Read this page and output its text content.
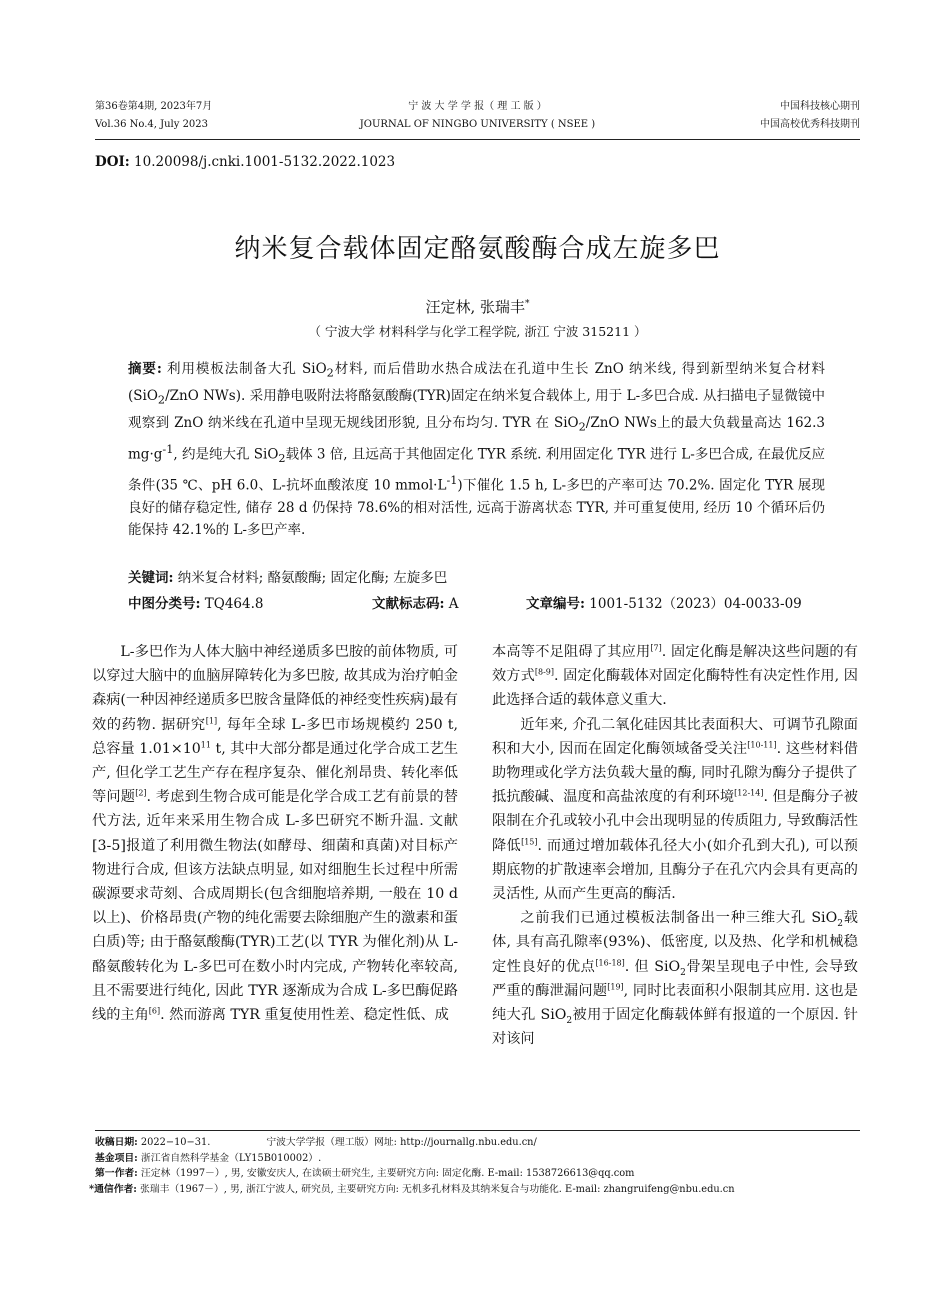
第36卷第4期, 2023年7月
Vol.36 No.4, July 2023
宁 波 大 学 学 报（ 理 工 版 ）
JOURNAL OF NINGBO UNIVERSITY ( NSEE )
中国科技核心期刊
中国高校优秀科技期刊
DOI: 10.20098/j.cnki.1001-5132.2022.1023
纳米复合载体固定酪氨酸酶合成左旋多巴
汪定林, 张瑞丰*
（ 宁波大学 材料科学与化学工程学院, 浙江 宁波 315211 ）
摘要: 利用模板法制备大孔 SiO$_2$材料, 而后借助水热合成法在孔道中生长 ZnO 纳米线, 得到新型纳米复合材料(SiO$_2$/ZnO NWs). 采用静电吸附法将酪氨酸酶(TYR)固定在纳米复合载体上, 用于 L-多巴合成. 从扫描电子显微镜中观察到 ZnO 纳米线在孔道中呈现无规线团形貌, 且分布均匀. TYR 在 SiO$_2$/ZnO NWs上的最大负载量高达 162.3 $mg\cdot g^{-1}$, 约是纯大孔 SiO$_2$载体 3 倍, 且远高于其他固定化 TYR 系统. 利用固定化 TYR 进行 L-多巴合成, 在最优反应条件(35 ℃、pH 6.0、L-抗坏血酸浓度 10 $mmol\cdot L^{-1}$)下催化 1.5 h, L-多巴的产率可达 70.2%. 固定化 TYR 展现良好的储存稳定性, 储存 28 d 仍保持 78.6%的相对活性, 远高于游离状态 TYR, 并可重复使用, 经历 10 个循环后仍能保持 42.1%的 L-多巴产率.
关键词: 纳米复合材料; 酪氨酸酶; 固定化酶; 左旋多巴
中图分类号: TQ464.8	文献标志码: A	文章编号: 1001-5132（2023）04-0033-09

L-多巴作为人体大脑中神经递质多巴胺的前体物质, 可以穿过大脑中的血脑屏障转化为多巴胺, 故其成为治疗帕金森病(一种因神经递质多巴胺含量降低的神经变性疾病)最有效的药物. 据研究[1], 每年全球 L-多巴市场规模约 250 t, 总容量 $1.01\times 10^{11}$ t, 其中大部分都是通过化学合成工艺生产, 但化学工艺生产存在程序复杂、催化剂昂贵、转化率低等问题[2]. 考虑到生物合成可能是化学合成工艺有前景的替代方法, 近年来采用生物合成 L-多巴研究不断升温. 文献[3-5]报道了利用微生物法(如酵母、细菌和真菌)对目标产物进行合成, 但该方法缺点明显, 如对细胞生长过程中所需碳源要求苛刻、合成周期长(包含细胞培养期, 一般在 10 d 以上)、价格昂贵(产物的纯化需要去除细胞产生的激素和蛋白质)等; 由于酪氨酸酶(TYR)工艺(以 TYR 为催化剂)从 L-酪氨酸转化为 L-多巴可在数小时内完成, 产物转化率较高, 且不需要进行纯化, 因此 TYR 逐渐成为合成 L-多巴酶促路线的主角[6]. 然而游离 TYR 重复使用性差、稳定性低、成

本高等不足阻碍了其应用[7]. 固定化酶是解决这些问题的有效方式[8-9]. 固定化酶载体对固定化酶特性有决定性作用, 因此选择合适的载体意义重大.

近年来, 介孔二氧化硅因其比表面积大、可调节孔隙面积和大小, 因而在固定化酶领域备受关注[10-11]. 这些材料借助物理或化学方法负载大量的酶, 同时孔隙为酶分子提供了抵抗酸碱、温度和高盐浓度的有利环境[12-14]. 但是酶分子被限制在介孔或较小孔中会出现明显的传质阻力, 导致酶活性降低[15]. 而通过增加载体孔径大小(如介孔到大孔), 可以预期底物的扩散速率会增加, 且酶分子在孔穴内会具有更高的灵活性, 从而产生更高的酶活.

之前我们已通过模板法制备出一种三维大孔 SiO$_2$载体, 具有高孔隙率(93%)、低密度, 以及热、化学和机械稳定性良好的优点[16-18]. 但 SiO$_2$骨架呈现电子中性, 会导致严重的酶泄漏问题[19], 同时比表面积小限制其应用. 这也是纯大孔 SiO$_2$被用于固定化酶载体鲜有报道的一个原因. 针对该问

收稿日期: 2022−10−31.	宁波大学学报（理工版）网址: http://journallg.nbu.edu.cn/
基金项目: 浙江省自然科学基金（LY15B010002）.
第一作者: 汪定林（1997－）, 男, 安徽安庆人, 在读硕士研究生, 主要研究方向: 固定化酶. E-mail: 1538726613@qq.com
*通信作者: 张瑞丰（1967－）, 男, 浙江宁波人, 研究员, 主要研究方向: 无机多孔材料及其纳米复合与功能化. E-mail: zhangruifeng@nbu.edu.cn
